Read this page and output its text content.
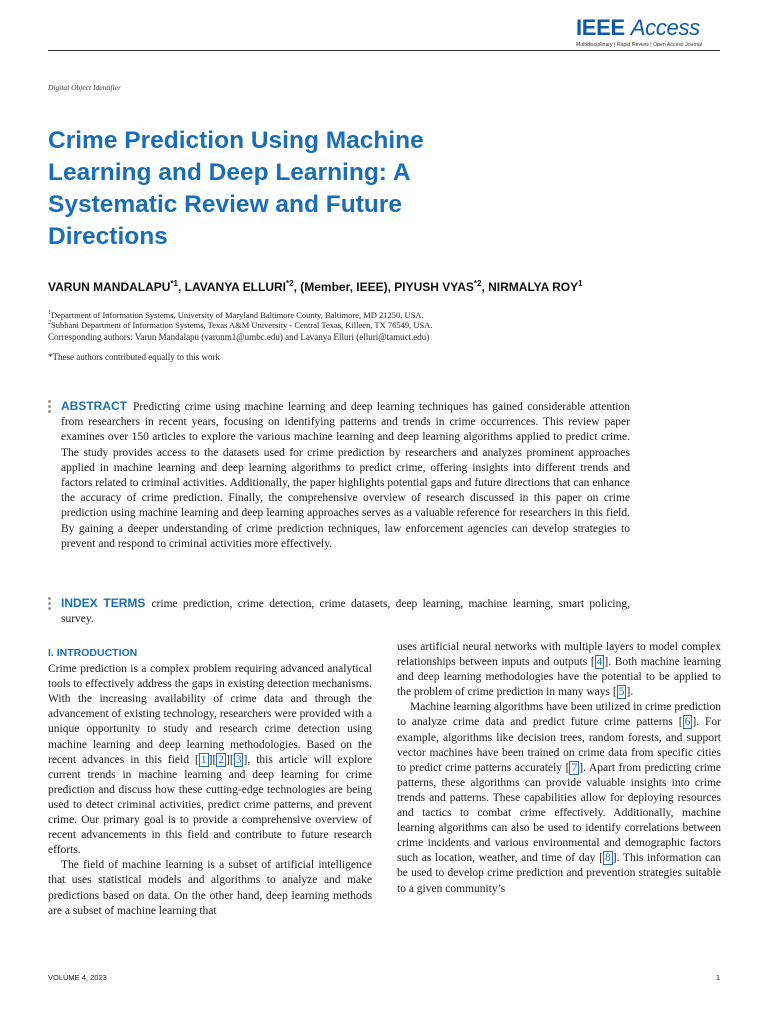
IEEE Access
Multidisciplinary | Rapid Review | Open Access Journal
Digital Object Identifier
Crime Prediction Using Machine Learning and Deep Learning: A Systematic Review and Future Directions
VARUN MANDALAPU$^{*1}$, LAVANYA ELLURI$^{*2}$, (Member, IEEE), PIYUSH VYAS$^{*2}$, NIRMALYA ROY$^1$
$^1$Department of Information Systems, University of Maryland Baltimore County, Baltimore, MD 21250, USA.
$^2$Subhani Department of Information Systems, Texas A&M University - Central Texas, Killeen, TX 76549, USA.
Corresponding authors: Varun Mandalapu (varunm1@umbc.edu) and Lavanya Elluri (elluri@tamuct.edu)
*These authors contributed equally to this work
ABSTRACT Predicting crime using machine learning and deep learning techniques has gained considerable attention from researchers in recent years, focusing on identifying patterns and trends in crime occurrences. This review paper examines over 150 articles to explore the various machine learning and deep learning algorithms applied to predict crime. The study provides access to the datasets used for crime prediction by researchers and analyzes prominent approaches applied in machine learning and deep learning algorithms to predict crime, offering insights into different trends and factors related to criminal activities. Additionally, the paper highlights potential gaps and future directions that can enhance the accuracy of crime prediction. Finally, the comprehensive overview of research discussed in this paper on crime prediction using machine learning and deep learning approaches serves as a valuable reference for researchers in this field. By gaining a deeper understanding of crime prediction techniques, law enforcement agencies can develop strategies to prevent and respond to criminal activities more effectively.
INDEX TERMS crime prediction, crime detection, crime datasets, deep learning, machine learning, smart policing, survey.
I. INTRODUCTION

Crime prediction is a complex problem requiring advanced analytical tools to effectively address the gaps in existing detection mechanisms. With the increasing availability of crime data and through the advancement of existing technology, researchers were provided with a unique opportunity to study and research crime detection using machine learning and deep learning methodologies. Based on the recent advances in this field [ 1 ][ 2 ][ 3 ], this article will explore current trends in machine learning and deep learning for crime prediction and discuss how these cutting-edge technologies are being used to detect criminal activities, predict crime patterns, and prevent crime. Our primary goal is to provide a comprehensive overview of recent advancements in this field and contribute to future research efforts.

The field of machine learning is a subset of artificial intelligence that uses statistical models and algorithms to analyze and make predictions based on data. On the other hand, deep learning methods are a subset of machine learning that

uses artificial neural networks with multiple layers to model complex relationships between inputs and outputs [ 4 ]. Both machine learning and deep learning methodologies have the potential to be applied to the problem of crime prediction in many ways [ 5 ].

Machine learning algorithms have been utilized in crime prediction to analyze crime data and predict future crime patterns [ 6 ]. For example, algorithms like decision trees, random forests, and support vector machines have been trained on crime data from specific cities to predict crime patterns accurately [ 7 ]. Apart from predicting crime patterns, these algorithms can provide valuable insights into crime trends and patterns. These capabilities allow for deploying resources and tactics to combat crime effectively. Additionally, machine learning algorithms can also be used to identify correlations between crime incidents and various environmental and demographic factors such as location, weather, and time of day [ 8 ]. This information can be used to develop crime prediction and prevention strategies suitable to a given community’s

VOLUME 4, 2023	1
